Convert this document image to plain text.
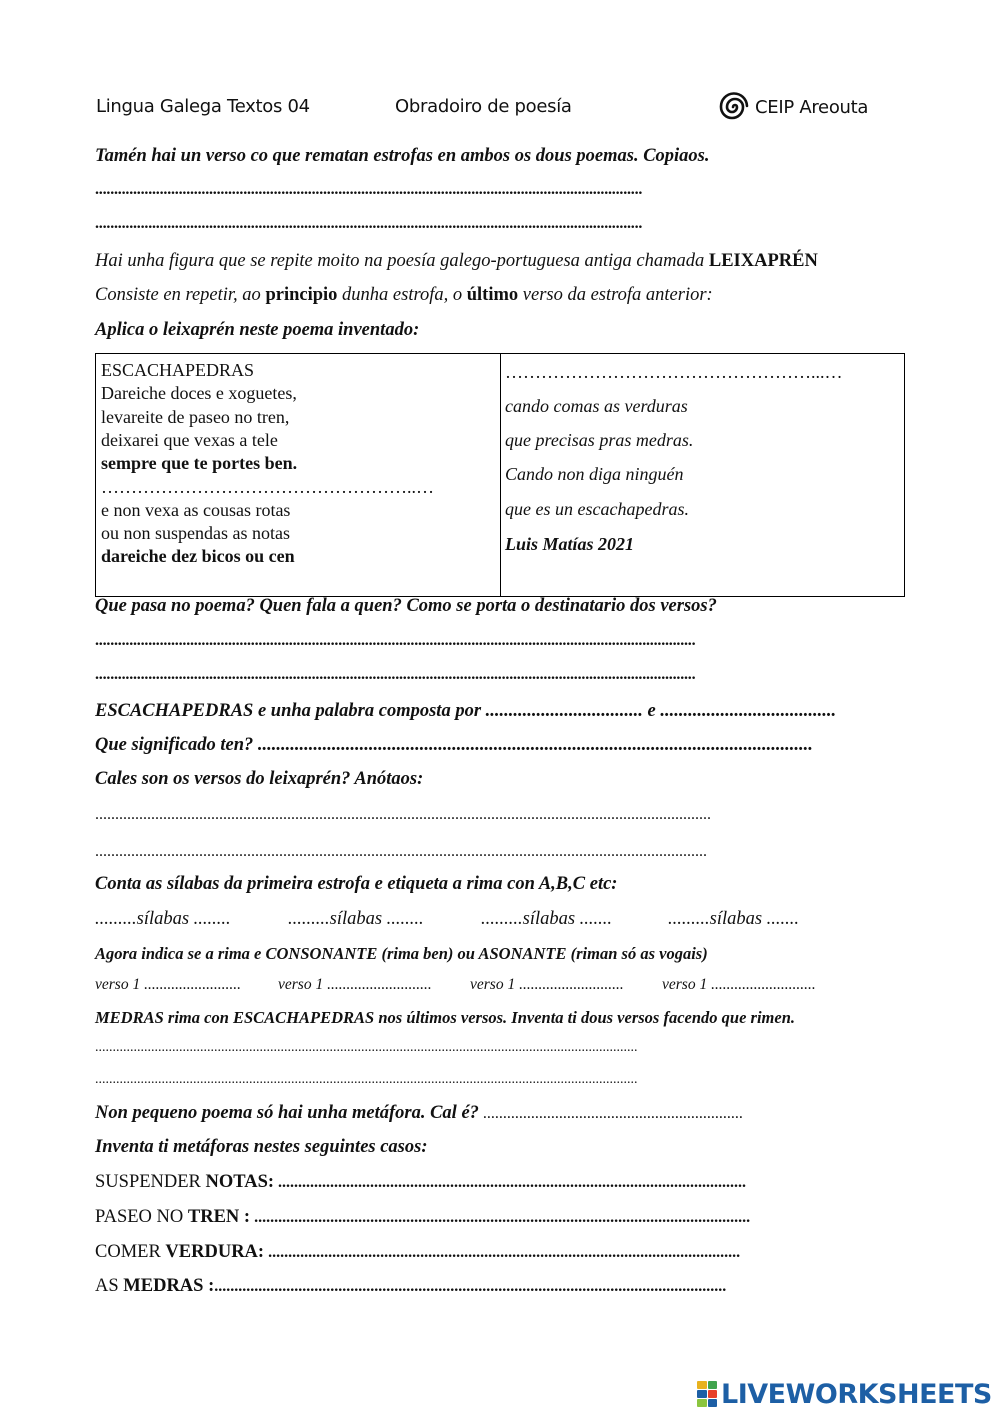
Lingua Galega Textos 04	Obradoiro de poesía	CEIP Areouta
Tamén hai un verso co que rematan estrofas en ambos os dous poemas. Copiaos.
................................................................................................................................................
................................................................................................................................................
Hai unha figura que se repite moito na poesía galego-portuguesa antiga chamada LEIXAPRÉN
Consiste en repetir, ao principio dunha estrofa, o último verso da estrofa anterior:
Aplica o leixaprén neste poema inventado:
ESCACHAPEDRAS
Dareiche doces e xoguetes,
levareite de paseo no tren,
deixarei que vexas a tele
sempre que te portes ben.
……………………………………………..…
e non vexa as cousas rotas
ou non suspendas as notas
dareiche dez bicos ou cen
……………………………………………...…
cando comas as verduras
que precisas pras medras.
Cando non diga ninguén
que es un escachapedras.
Luis Matías 2021
Que pasa no poema? Quen fala a quen? Como se porta o destinatario dos versos?
..............................................................................................................................................................
..............................................................................................................................................................
ESCACHAPEDRAS e unha palabra composta por .................................. e ......................................
Que significado ten? ........................................................................................................................
Cales son os versos do leixaprén? Anótaos:
..........................................................................................................................................................
.........................................................................................................................................................
Conta as sílabas da primeira estrofa e etiqueta a rima con A,B,C etc:
.........sílabas ........	.........sílabas ........	.........sílabas .......	.........sílabas .......
Agora indica se a rima e CONSONANTE (rima ben) ou ASONANTE (riman só as vogais)
verso 1 ......................... verso 1 ........................... verso 1 ........................... verso 1 ...........................
MEDRAS rima con ESCACHAPEDRAS nos últimos versos. Inventa ti dous versos facendo que rimen.
...........................................................................................................................................................
...........................................................................................................................................................
Non pequeno poema só hai unha metáfora. Cal é? .................................................................
Inventa ti metáforas nestes seguintes casos:
SUSPENDER NOTAS: .....................................................................................................................
PASEO NO TREN : ............................................................................................................................
COMER VERDURA: ......................................................................................................................
AS MEDRAS :................................................................................................................................
LIVEWORKSHEETS
